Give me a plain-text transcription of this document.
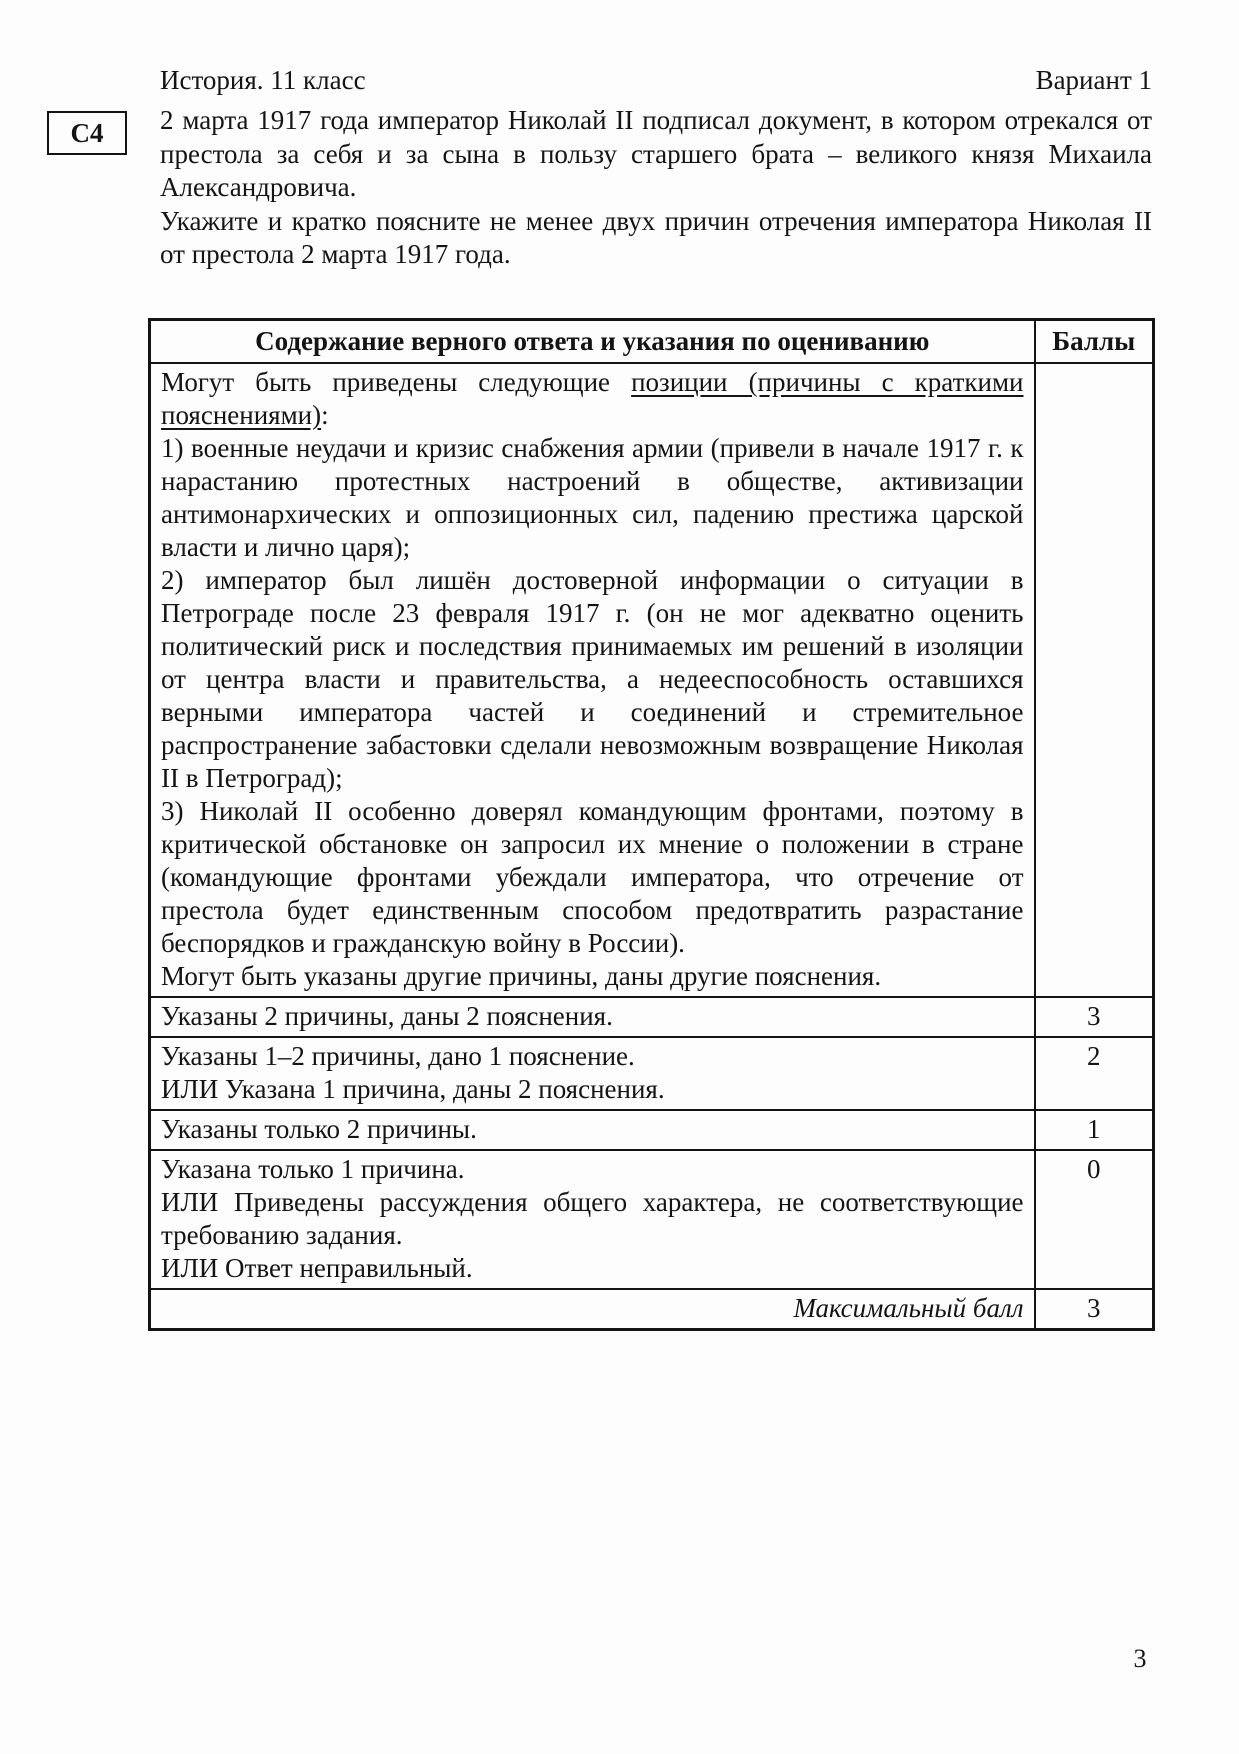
История. 11 класс	Вариант 1
С4 2 марта 1917 года император Николай II подписал документ, в котором отрекался от престола за себя и за сына в пользу старшего брата – великого князя Михаила Александровича.

Укажите и кратко поясните не менее двух причин отречения императора Николая II от престола 2 марта 1917 года.

Содержание верного ответа и указания по оцениванию	Баллы

Могут быть приведены следующие позиции (причины с краткими пояснениями):
1) военные неудачи и кризис снабжения армии (привели в начале 1917 г. к нарастанию протестных настроений в обществе, активизации антимонархических и оппозиционных сил, падению престижа царской власти и лично царя);
2) император был лишён достоверной информации о ситуации в Петрограде после 23 февраля 1917 г. (он не мог адекватно оценить политический риск и последствия принимаемых им решений в изоляции от центра власти и правительства, а недееспособность оставшихся верными императора частей и соединений и стремительное распространение забастовки сделали невозможным возвращение Николая II в Петроград);
3) Николай II особенно доверял командующим фронтами, поэтому в критической обстановке он запросил их мнение о положении в стране (командующие фронтами убеждали императора, что отречение от престола будет единственным способом предотвратить разрастание беспорядков и гражданскую войну в России).
Могут быть указаны другие причины, даны другие пояснения.	

Указаны 2 причины, даны 2 пояснения.	3

Указаны 1–2 причины, дано 1 пояснение.
ИЛИ Указана 1 причина, даны 2 пояснения.	2

Указаны только 2 причины.	1

Указана только 1 причина.
ИЛИ Приведены рассуждения общего характера, не соответствующие требованию задания.
ИЛИ Ответ неправильный.	0
Максимальный балл	3
3
